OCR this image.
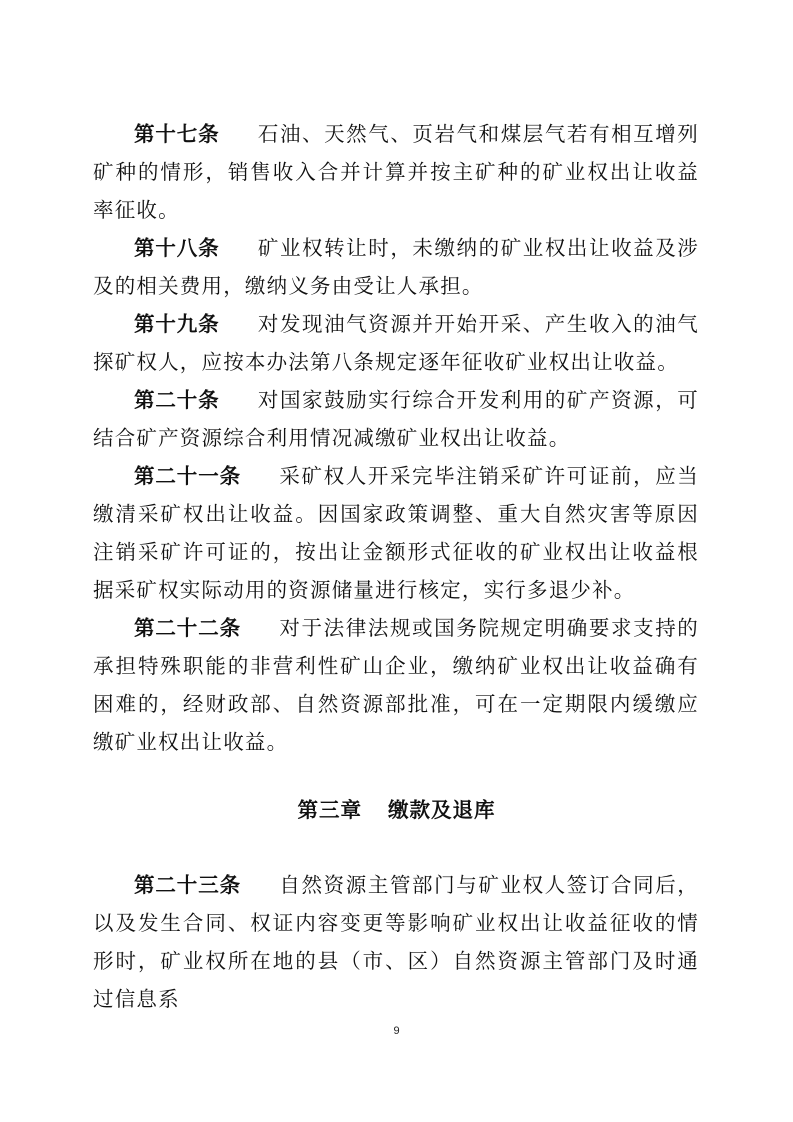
第十七条 石油、天然气、页岩气和煤层气若有相互增列矿种的情形，销售收入合并计算并按主矿种的矿业权出让收益率征收。

第十八条 矿业权转让时，未缴纳的矿业权出让收益及涉及的相关费用，缴纳义务由受让人承担。

第十九条 对发现油气资源并开始开采、产生收入的油气探矿权人，应按本办法第八条规定逐年征收矿业权出让收益。

第二十条 对国家鼓励实行综合开发利用的矿产资源，可结合矿产资源综合利用情况减缴矿业权出让收益。

第二十一条 采矿权人开采完毕注销采矿许可证前，应当缴清采矿权出让收益。因国家政策调整、重大自然灾害等原因注销采矿许可证的，按出让金额形式征收的矿业权出让收益根据采矿权实际动用的资源储量进行核定，实行多退少补。

第二十二条 对于法律法规或国务院规定明确要求支持的承担特殊职能的非营利性矿山企业，缴纳矿业权出让收益确有困难的，经财政部、自然资源部批准，可在一定期限内缓缴应缴矿业权出让收益。

第三章 缴款及退库

第二十三条 自然资源主管部门与矿业权人签订合同后，以及发生合同、权证内容变更等影响矿业权出让收益征收的情形时，矿业权所在地的县（市、区）自然资源主管部门及时通过信息系

9
